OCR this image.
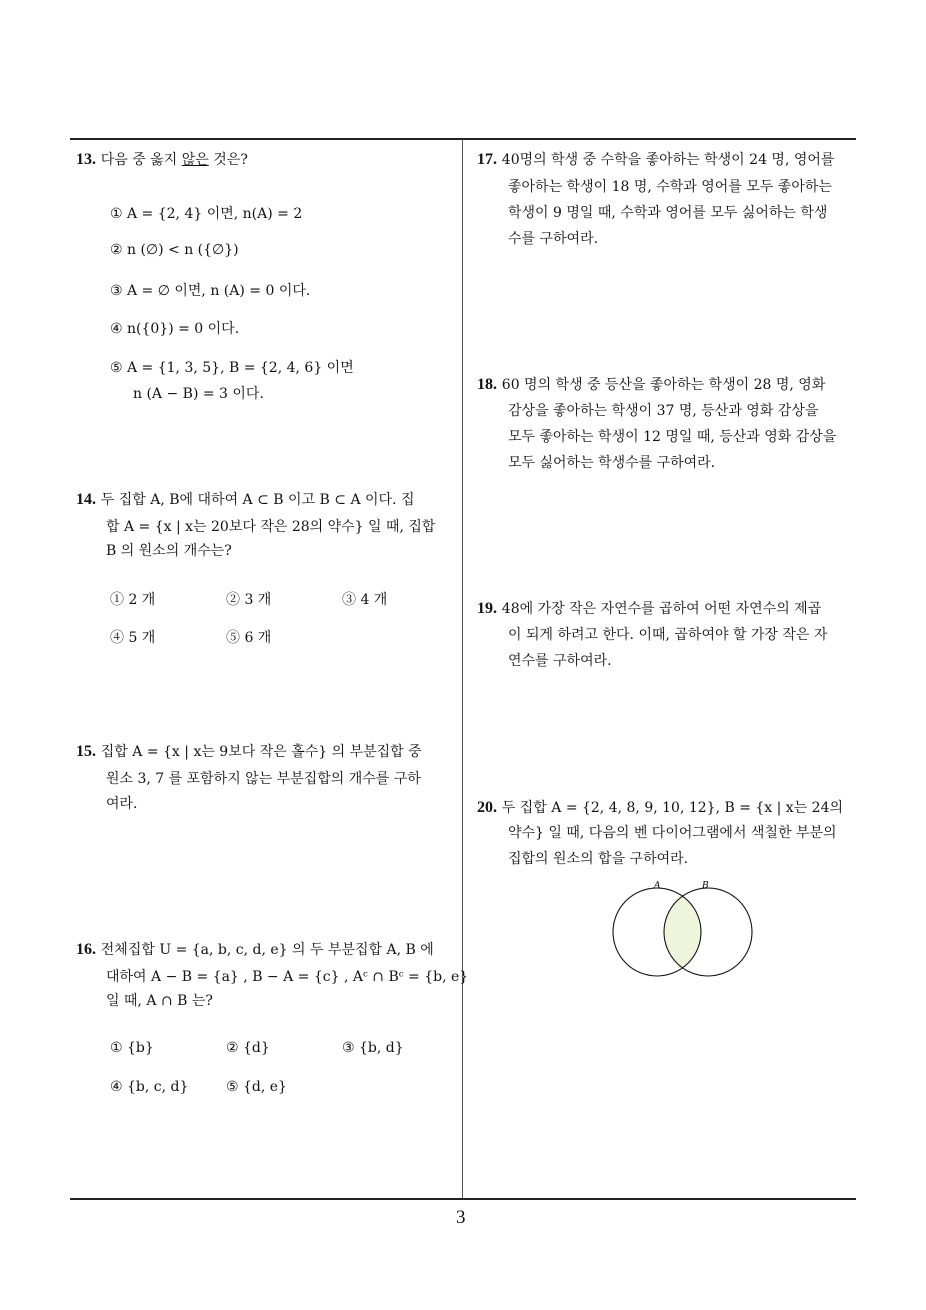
13. 다음 중 옳지 않은 것은?
① A = {2, 4} 이면, n(A) = 2
② n (∅) < n ({∅})
③ A = ∅ 이면, n (A) = 0 이다.
④ n({0}) = 0 이다.
⑤ A = {1, 3, 5}, B = {2, 4, 6} 이면
n (A − B) = 3 이다.
14. 두 집합 A, B에 대하여 A ⊂ B 이고 B ⊂ A 이다. 집
합 A = {x | x는 20보다 작은 28의 약수} 일 때, 집합
B 의 원소의 개수는?
① 2 개	② 3 개	③ 4 개
④ 5 개	⑤ 6 개
15. 집합 A = {x | x는 9보다 작은 홀수} 의 부분집합 중
원소 3, 7 를 포함하지 않는 부분집합의 개수를 구하
여라.
16. 전체집합 U = {a, b, c, d, e} 의 두 부분집합 A, B 에
대하여 A − B = {a} , B − A = {c} , Aᶜ ∩ Bᶜ = {b, e}
일 때, A ∩ B 는?
① {b}	② {d}	③ {b, d}
④ {b, c, d}	⑤ {d, e}
17. 40명의 학생 중 수학을 좋아하는 학생이 24 명, 영어를
좋아하는 학생이 18 명, 수학과 영어를 모두 좋아하는
학생이 9 명일 때, 수학과 영어를 모두 싫어하는 학생
수를 구하여라.
18. 60 명의 학생 중 등산을 좋아하는 학생이 28 명, 영화
감상을 좋아하는 학생이 37 명, 등산과 영화 감상을
모두 좋아하는 학생이 12 명일 때, 등산과 영화 감상을
모두 싫어하는 학생수를 구하여라.
19. 48에 가장 작은 자연수를 곱하여 어떤 자연수의 제곱
이 되게 하려고 한다. 이때, 곱하여야 할 가장 작은 자
연수를 구하여라.
20. 두 집합 A = {2, 4, 8, 9, 10, 12}, B = {x | x는 24의
약수} 일 때, 다음의 벤 다이어그램에서 색칠한 부분의
집합의 원소의 합을 구하여라.
A	B
3
